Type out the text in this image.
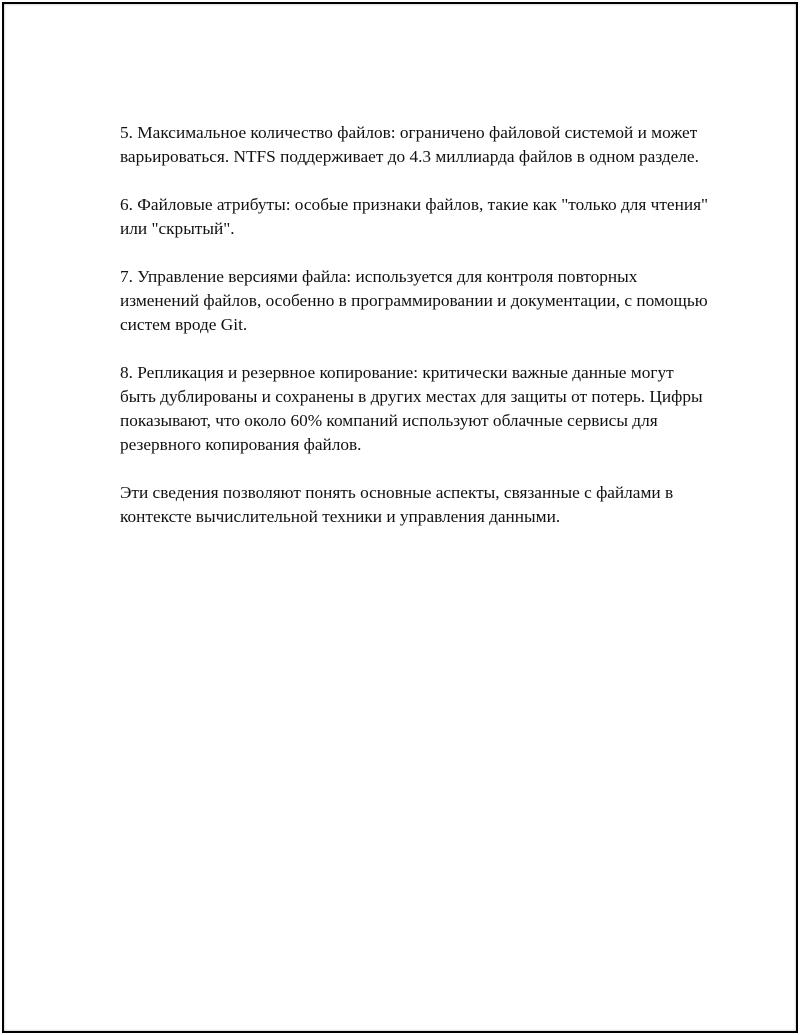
5. Максимальное количество файлов: ограничено файловой системой и может варьироваться. NTFS поддерживает до 4.3 миллиарда файлов в одном разделе.

6. Файловые атрибуты: особые признаки файлов, такие как "только для чтения" или "скрытый".

7. Управление версиями файла: используется для контроля повторных изменений файлов, особенно в программировании и документации, с помощью систем вроде Git.

8. Репликация и резервное копирование: критически важные данные могут быть дублированы и сохранены в других местах для защиты от потерь. Цифры показывают, что около 60% компаний используют облачные сервисы для резервного копирования файлов.

Эти сведения позволяют понять основные аспекты, связанные с файлами в контексте вычислительной техники и управления данными.
